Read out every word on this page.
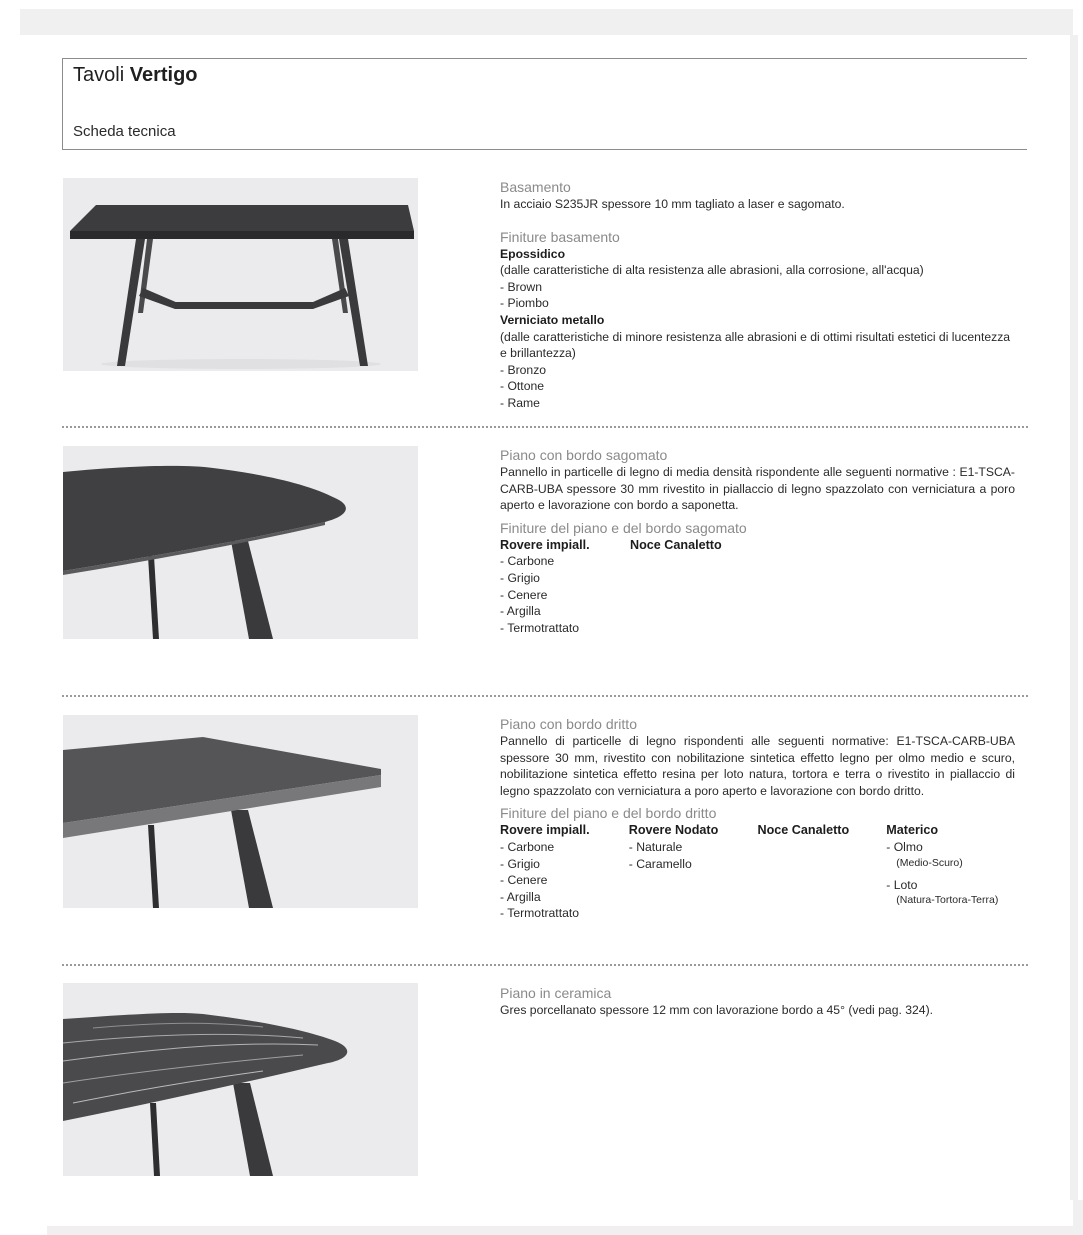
Tavoli Vertigo
Scheda tecnica
Basamento
In acciaio S235JR spessore 10 mm tagliato a laser e sagomato.
Finiture basamento
Epossidico
(dalle caratteristiche di alta resistenza alle abrasioni, alla corrosione, all'acqua)
- Brown
- Piombo
Verniciato metallo
(dalle caratteristiche di minore resistenza alle abrasioni e di ottimi risultati estetici di lucentezza e brillantezza)
- Bronzo
- Ottone
- Rame
Piano con bordo sagomato
Pannello in particelle di legno di media densità rispondente alle seguenti normative : E1-TSCA-CARB-UBA spessore 30 mm rivestito in piallaccio di legno spazzolato con verniciatura a poro aperto e lavorazione con bordo a saponetta.
Finiture del piano e del bordo sagomato
Rovere impiall.
- Carbone
- Grigio
- Cenere
- Argilla
- Termotrattato
Noce Canaletto
Piano con bordo dritto
Pannello di particelle di legno rispondenti alle seguenti normative: E1-TSCA-CARB-UBA spessore 30 mm, rivestito con nobilitazione sintetica effetto legno per olmo medio e scuro, nobilitazione sintetica effetto resina per loto natura, tortora e terra o rivestito in piallaccio di legno spazzolato con verniciatura a poro aperto e lavorazione con bordo dritto.
Finiture del piano e del bordo dritto
Rovere impiall.
- Carbone
- Grigio
- Cenere
- Argilla
- Termotrattato
Rovere Nodato
- Naturale
- Caramello
Noce Canaletto	Materico
- Olmo
(Medio-Scuro)
- Loto
(Natura-Tortora-Terra)
Piano in ceramica
Gres porcellanato spessore 12 mm con lavorazione bordo a 45° (vedi pag. 324).
